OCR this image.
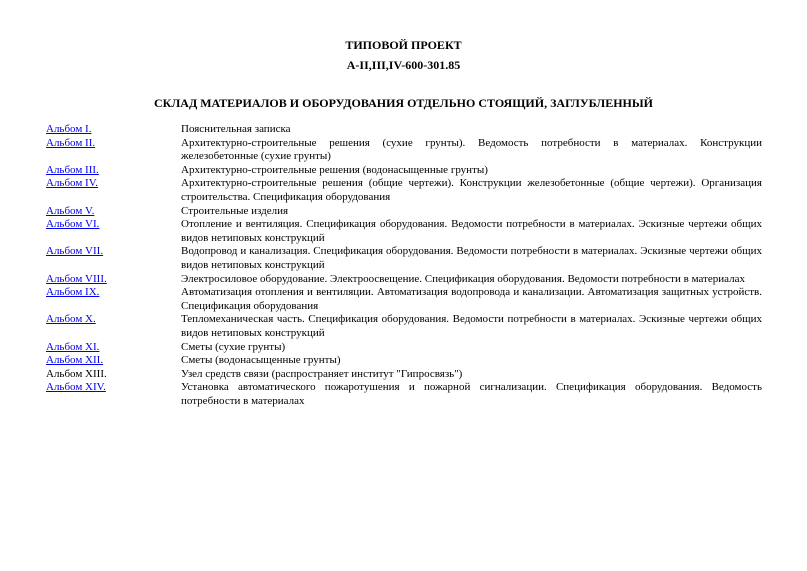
ТИПОВОЙ ПРОЕКТ
А-II,III,IV-600-301.85
СКЛАД МАТЕРИАЛОВ И ОБОРУДОВАНИЯ ОТДЕЛЬНО СТОЯЩИЙ, ЗАГЛУБЛЕННЫЙ
Альбом I.	Пояснительная записка
Альбом II.	Архитектурно-строительные решения (сухие грунты). Ведомость потребности в материалах. Конструкции железобетонные (сухие грунты)
Альбом III.	Архитектурно-строительные решения (водонасыщенные грунты)
Альбом IV.	Архитектурно-строительные решения (общие чертежи). Конструкции железобетонные (общие чертежи). Организация строительства. Спецификация оборудования
Альбом V.	Строительные изделия
Альбом VI.	Отопление и вентиляция. Спецификация оборудования. Ведомости потребности в материалах. Эскизные чертежи общих видов нетиповых конструкций
Альбом VII.	Водопровод и канализация. Спецификация оборудования. Ведомости потребности в материалах. Эскизные чертежи общих видов нетиповых конструкций
Альбом VIII.	Электросиловое оборудование. Электроосвещение. Спецификация оборудования. Ведомости потребности в материалах
Альбом IX.	Автоматизация отопления и вентиляции. Автоматизация водопровода и канализации. Автоматизация защитных устройств. Спецификация оборудования
Альбом X.	Тепломеханическая часть. Спецификация оборудования. Ведомости потребности в материалах. Эскизные чертежи общих видов нетиповых конструкций
Альбом XI.	Сметы (сухие грунты)
Альбом XII.	Сметы (водонасыщенные грунты)
Альбом XIII.	Узел средств связи (распространяет институт "Гипросвязь")
Альбом XIV.	Установка автоматического пожаротушения и пожарной сигнализации. Спецификация оборудования. Ведомость потребности в материалах
